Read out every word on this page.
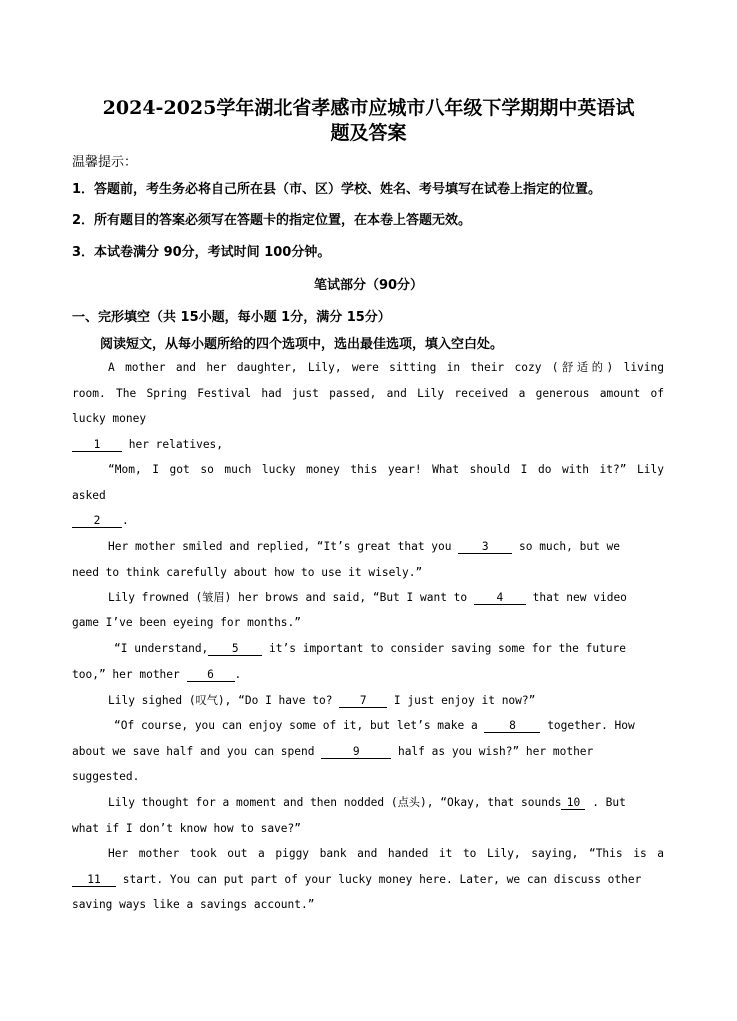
2024-2025学年湖北省孝感市应城市八年级下学期期中英语试
题及答案
温馨提示：
1．答题前，考生务必将自己所在县（市、区）学校、姓名、考号填写在试卷上指定的位置。
2．所有题目的答案必须写在答题卡的指定位置，在本卷上答题无效。
3．本试卷满分 90分，考试时间 100分钟。
笔试部分（90分）
一、完形填空（共 15小题，每小题 1分，满分 15分）
阅读短文，从每小题所给的四个选项中，选出最佳选项，填入空白处。
A mother and her daughter, Lily, were sitting in their cozy (舒适的) living
room. The Spring Festival had just passed, and Lily received a generous amount of
lucky money
1 her relatives,
“Mom, I got so much lucky money this year! What should I do with it?” Lily
asked
2 .
Her mother smiled and replied, “It’s great that you 3 so much, but we
need to think carefully about how to use it wisely.”
Lily frowned (皱眉) her brows and said, “But I want to 4 that new video
game I’ve been eyeing for months.”
“I understand, 5 it’s important to consider saving some for the future
too,” her mother 6 .
Lily sighed (叹气), “Do I have to? 7 I just enjoy it now?”
“Of course, you can enjoy some of it, but let’s make a 8 together. How
about we save half and you can spend	9	half as you wish?” her mother
suggested.
Lily thought for a moment and then nodded (点头), “Okay, that sounds 10 . But
what if I don’t know how to save?”
Her mother took out a piggy bank and handed it to Lily, saying, “This is a
11 start. You can put part of your lucky money here. Later, we can discuss other
saving ways like a savings account.”
